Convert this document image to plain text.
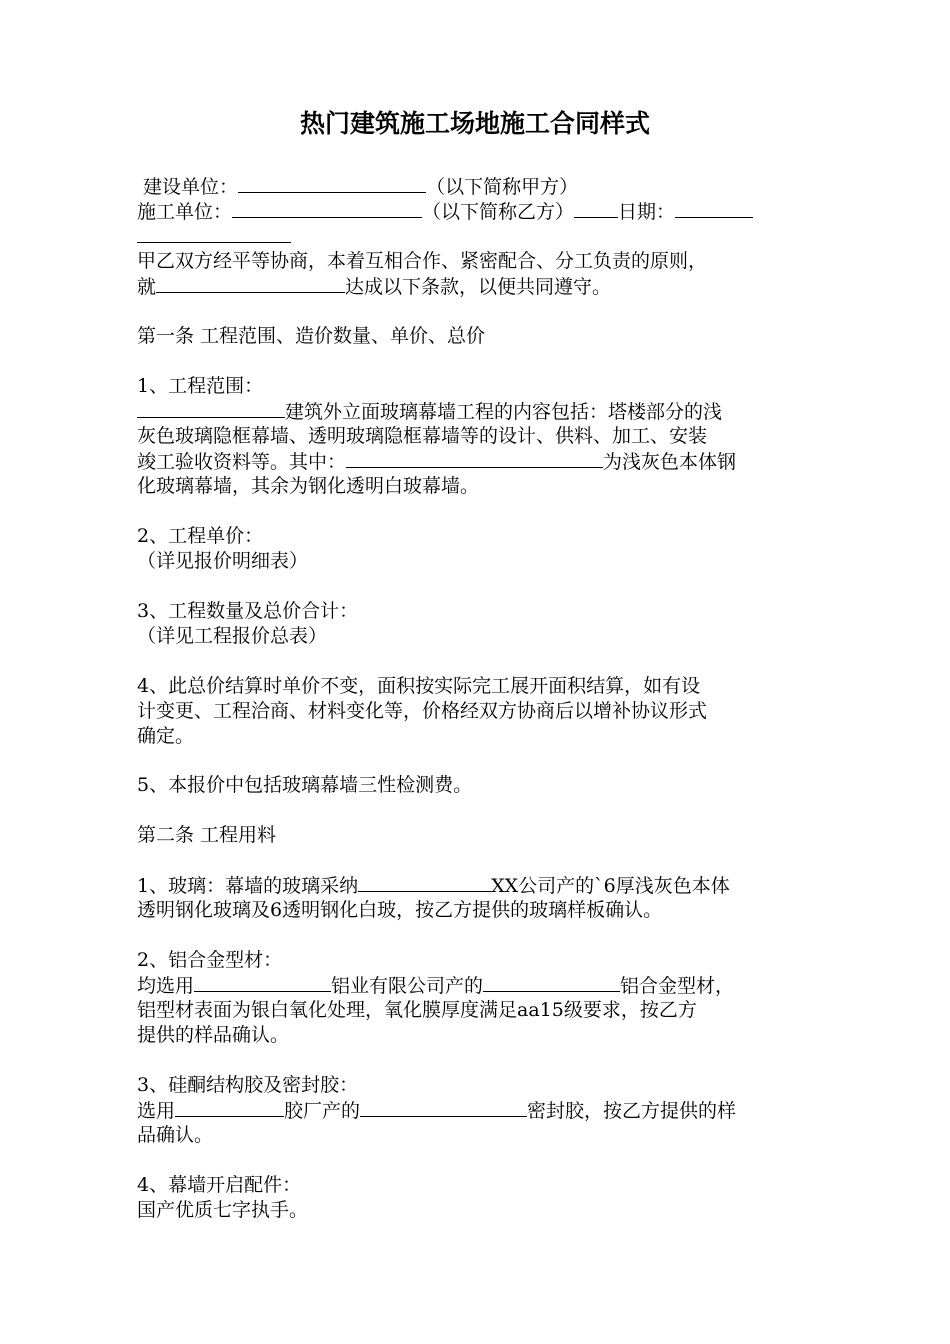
热门建筑施工场地施工合同样式
建设单位：	（以下简称甲方）
施工单位：	（以下简称乙方） 日期：
甲乙双方经平等协商，本着互相合作、紧密配合、分工负责的原则，
就	达成以下条款，以便共同遵守。
第一条 工程范围、造价数量、单价、总价
1、工程范围：
建筑外立面玻璃幕墙工程的内容包括：塔楼部分的浅
灰色玻璃隐框幕墙、透明玻璃隐框幕墙等的设计、供料、加工、安装
竣工验收资料等。其中：	为浅灰色本体钢
化玻璃幕墙，其余为钢化透明白玻幕墙。
2、工程单价：
（详见报价明细表）
3、工程数量及总价合计：
（详见工程报价总表）
4、此总价结算时单价不变，面积按实际完工展开面积结算，如有设
计变更、工程洽商、材料变化等，价格经双方协商后以增补协议形式
确定。
5、本报价中包括玻璃幕墙三性检测费。
第二条 工程用料
1、玻璃：幕墙的玻璃采纳	XX公司产的`6厚浅灰色本体
透明钢化玻璃及6透明钢化白玻，按乙方提供的玻璃样板确认。
2、铝合金型材：
均选用	铝业有限公司产的	铝合金型材，
铝型材表面为银白氧化处理，氧化膜厚度满足aa15级要求，按乙方
提供的样品确认。
3、硅酮结构胶及密封胶：
选用	胶厂产的	密封胶，按乙方提供的样
品确认。
4、幕墙开启配件：
国产优质七字执手。
